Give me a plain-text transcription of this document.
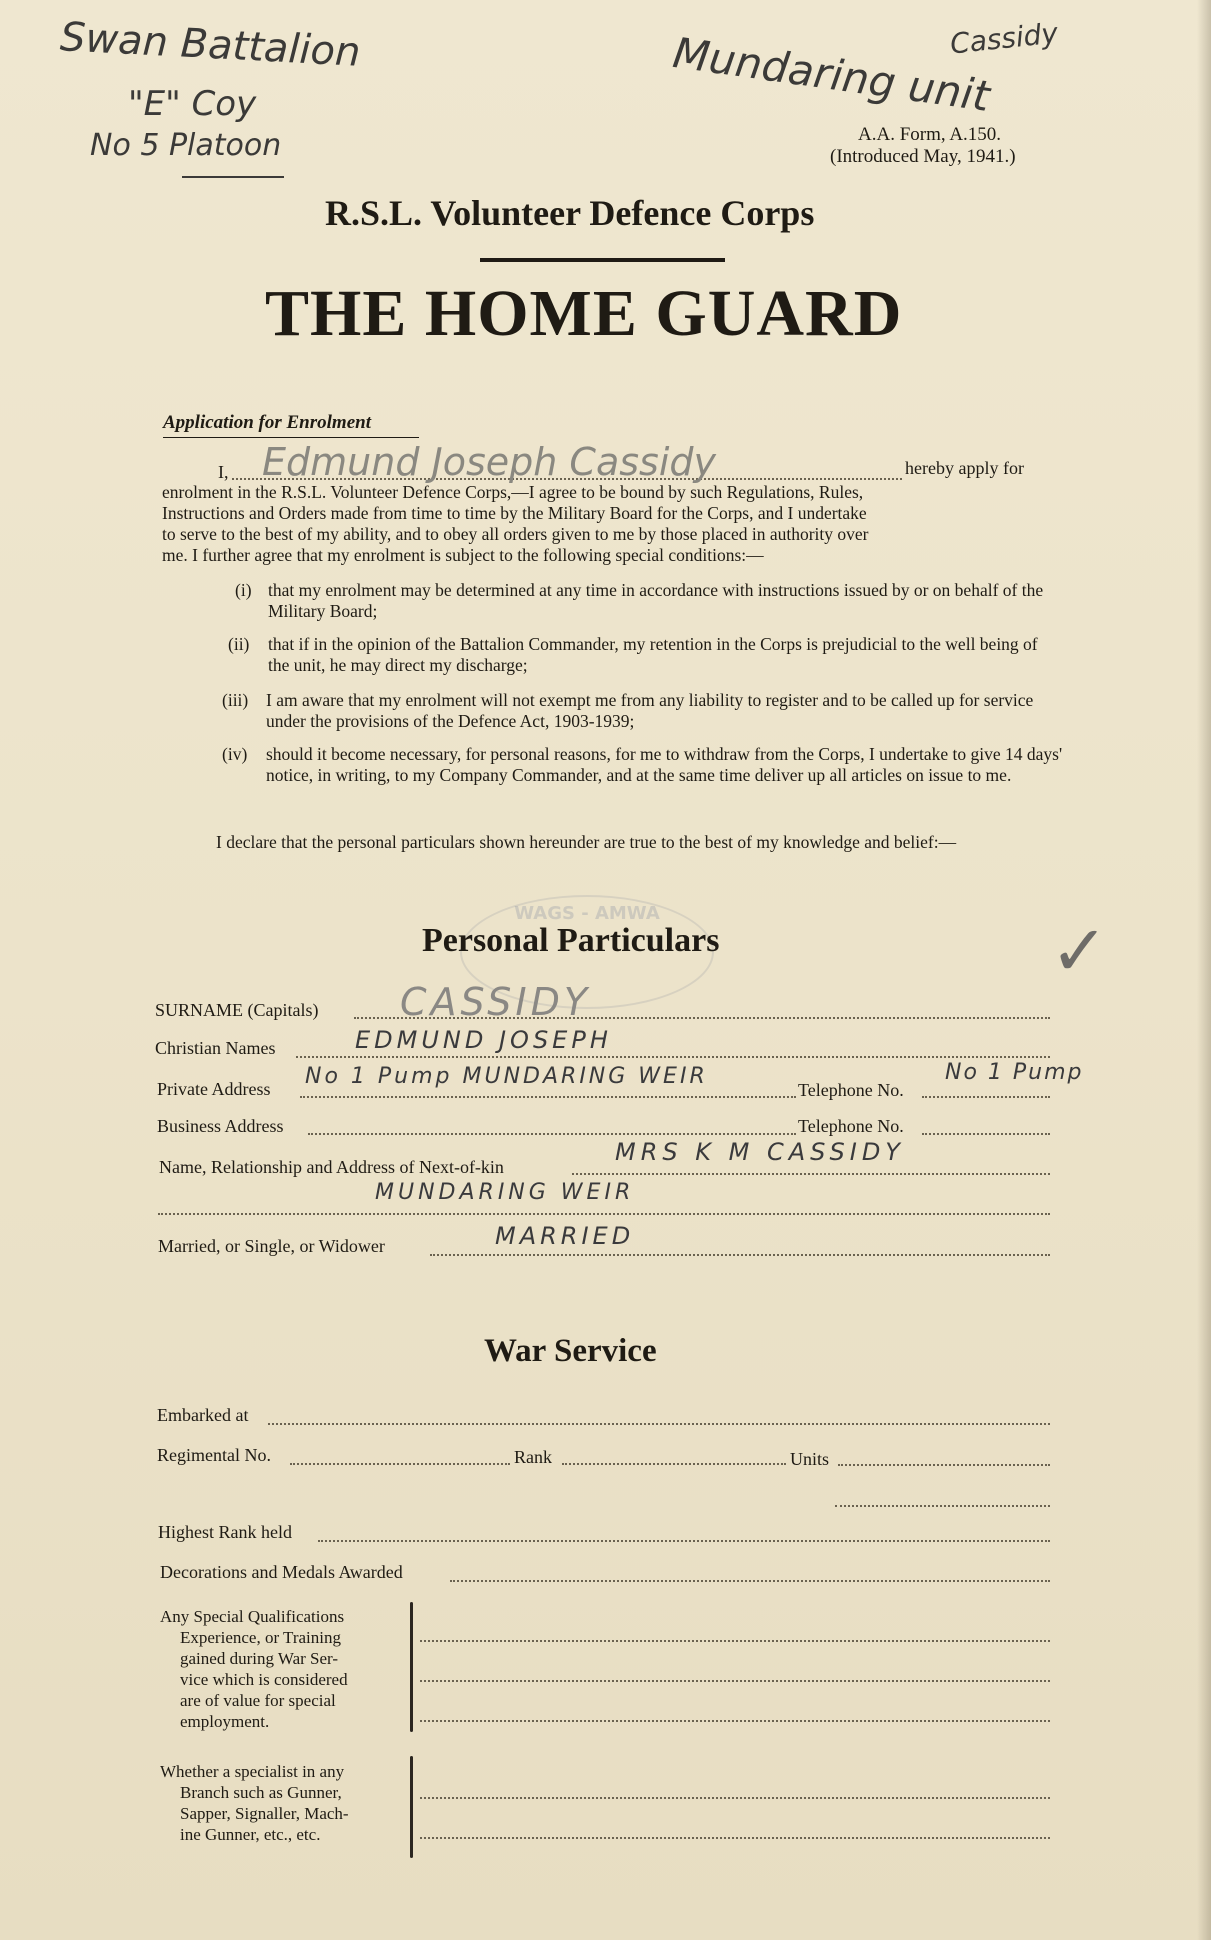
Swan Battalion
"E" Coy
No 5 Platoon
Cassidy
Mundaring unit
A.A. Form, A.150.
(Introduced May, 1941.)
R.S.L. Volunteer Defence Corps
THE HOME GUARD
Application for Enrolment
I, Edmund Joseph Cassidy	hereby apply for
enrolment in the R.S.L. Volunteer Defence Corps,—I agree to be bound by such Regulations, Rules,
Instructions and Orders made from time to time by the Military Board for the Corps, and I undertake
to serve to the best of my ability, and to obey all orders given to me by those placed in authority over
me. I further agree that my enrolment is subject to the following special conditions:—
(i) that my enrolment may be determined at any time in accordance with instructions issued by or on behalf of the Military Board;
(ii) that if in the opinion of the Battalion Commander, my retention in the Corps is prejudicial to the well being of the unit, he may direct my discharge;
(iii) I am aware that my enrolment will not exempt me from any liability to register and to be called up for service under the provisions of the Defence Act, 1903-1939;
(iv) should it become necessary, for personal reasons, for me to withdraw from the Corps, I undertake to give 14 days' notice, in writing, to my Company Commander, and at the same time deliver up all articles on issue to me.
I declare that the personal particulars shown hereunder are true to the best of my knowledge and belief:—
WAGS - AMWA
Personal Particulars	✓
SURNAME (Capitals) CASSIDY
Christian Names	EDMUND JOSEPH
Private Address No 1 Pump MUNDARING WEIR
Telephone No.
No 1 Pump
Business Address	Telephone No.
Name, Relationship and Address of Next-of-kin
MRS K M CASSIDY
MUNDARING WEIR
Married, or Single, or Widower	MARRIED
War Service
Embarked at
Regimental No.	Rank	Units
Highest Rank held
Decorations and Medals Awarded
Any Special Qualifications
Experience, or Training
gained during War Ser-
vice which is considered
are of value for special
employment.
Whether a specialist in any
Branch such as Gunner,
Sapper, Signaller, Mach-
ine Gunner, etc., etc.
